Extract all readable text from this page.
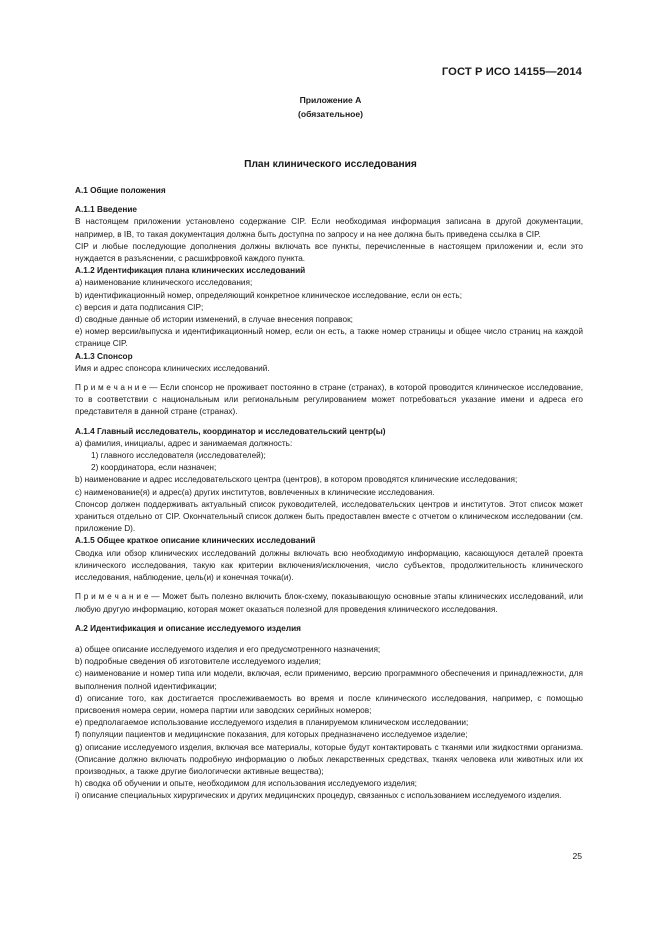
ГОСТ Р ИСО 14155—2014
Приложение А
(обязательное)
План клинического исследования

А.1 Общие положения

А.1.1 Введение

В настоящем приложении установлено содержание CIP. Если необходимая информация записана в другой документации, например, в IB, то такая документация должна быть доступна по запросу и на нее должна быть приведена ссылка в CIP.

CIP и любые последующие дополнения должны включать все пункты, перечисленные в настоящем приложении и, если это нуждается в разъяснении, с расшифровкой каждого пункта.

А.1.2 Идентификация плана клинических исследований

a) наименование клинического исследования;

b) идентификационный номер, определяющий конкретное клиническое исследование, если он есть;

c) версия и дата подписания CIP;

d) сводные данные об истории изменений, в случае внесения поправок;

e) номер версии/выпуска и идентификационный номер, если он есть, а также номер страницы и общее число страниц на каждой странице CIP.

А.1.3 Спонсор

Имя и адрес спонсора клинических исследований.

П р и м е ч а н и е — Если спонсор не проживает постоянно в стране (странах), в которой проводится клиническое исследование, то в соответствии с национальным или региональным регулированием может потребоваться указание имени и адреса его представителя в данной стране (странах).

А.1.4 Главный исследователь, координатор и исследовательский центр(ы)

a) фамилия, инициалы, адрес и занимаемая должность:

1) главного исследователя (исследователей);

2) координатора, если назначен;

b) наименование и адрес исследовательского центра (центров), в котором проводятся клинические исследования;

c) наименование(я) и адрес(а) других институтов, вовлеченных в клинические исследования.

Спонсор должен поддерживать актуальный список руководителей, исследовательских центров и институтов. Этот список может храниться отдельно от CIP. Окончательный список должен быть предоставлен вместе с отчетом о клиническом исследовании (см. приложение D).

А.1.5 Общее краткое описание клинических исследований

Сводка или обзор клинических исследований должны включать всю необходимую информацию, касающуюся деталей проекта клинического исследования, такую как критерии включения/исключения, число субъектов, продолжительность клинического исследования, наблюдение, цель(и) и конечная точка(и).

П р и м е ч а н и е — Может быть полезно включить блок-схему, показывающую основные этапы клинических исследований, или любую другую информацию, которая может оказаться полезной для проведения клинического исследования.

А.2 Идентификация и описание исследуемого изделия

a) общее описание исследуемого изделия и его предусмотренного назначения;

b) подробные сведения об изготовителе исследуемого изделия;

c) наименование и номер типа или модели, включая, если применимо, версию программного обеспечения и принадлежности, для выполнения полной идентификации;

d) описание того, как достигается прослеживаемость во время и после клинического исследования, например, с помощью присвоения номера серии, номера партии или заводских серийных номеров;

e) предполагаемое использование исследуемого изделия в планируемом клиническом исследовании;

f) популяции пациентов и медицинские показания, для которых предназначено исследуемое изделие;

g) описание исследуемого изделия, включая все материалы, которые будут контактировать с тканями или жидкостями организма. (Описание должно включать подробную информацию о любых лекарственных средствах, тканях человека или животных или их производных, а также другие биологически активные вещества);

h) сводка об обучении и опыте, необходимом для использования исследуемого изделия;

i) описание специальных хирургических и других медицинских процедур, связанных с использованием исследуемого изделия.

25
